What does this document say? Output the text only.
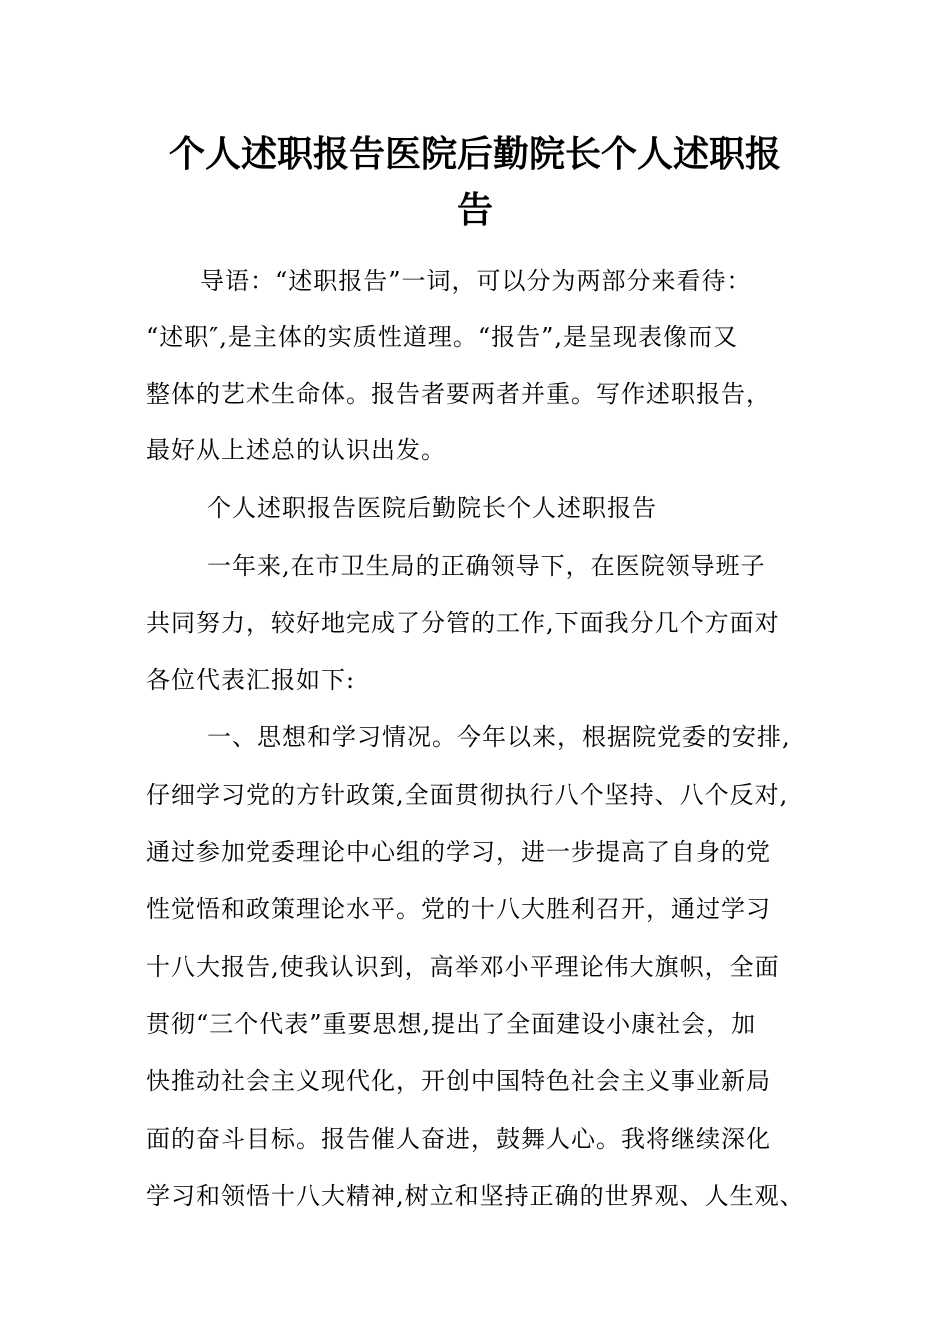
个人述职报告医院后勤院长个人述职报
告
导语：“述职报告”一词，可以分为两部分来看待：
“述职″,是主体的实质性道理。“报告”,是呈现表像而又
整体的艺术生命体。报告者要两者并重。写作述职报告，
最好从上述总的认识出发。
个人述职报告医院后勤院长个人述职报告
一年来,在市卫生局的正确领导下，在医院领导班子
共同努力，较好地完成了分管的工作,下面我分几个方面对
各位代表汇报如下:
一、思想和学习情况。今年以来，根据院党委的安排,
仔细学习党的方针政策,全面贯彻执行八个坚持、八个反对,
通过参加党委理论中心组的学习，进一步提高了自身的党
性觉悟和政策理论水平。党的十八大胜利召开，通过学习
十八大报告,使我认识到，高举邓小平理论伟大旗帜，全面
贯彻“三个代表”重要思想,提出了全面建设小康社会，加
快推动社会主义现代化，开创中国特色社会主义事业新局
面的奋斗目标。报告催人奋进，鼓舞人心。我将继续深化
学习和领悟十八大精神,树立和坚持正确的世界观、人生观、
